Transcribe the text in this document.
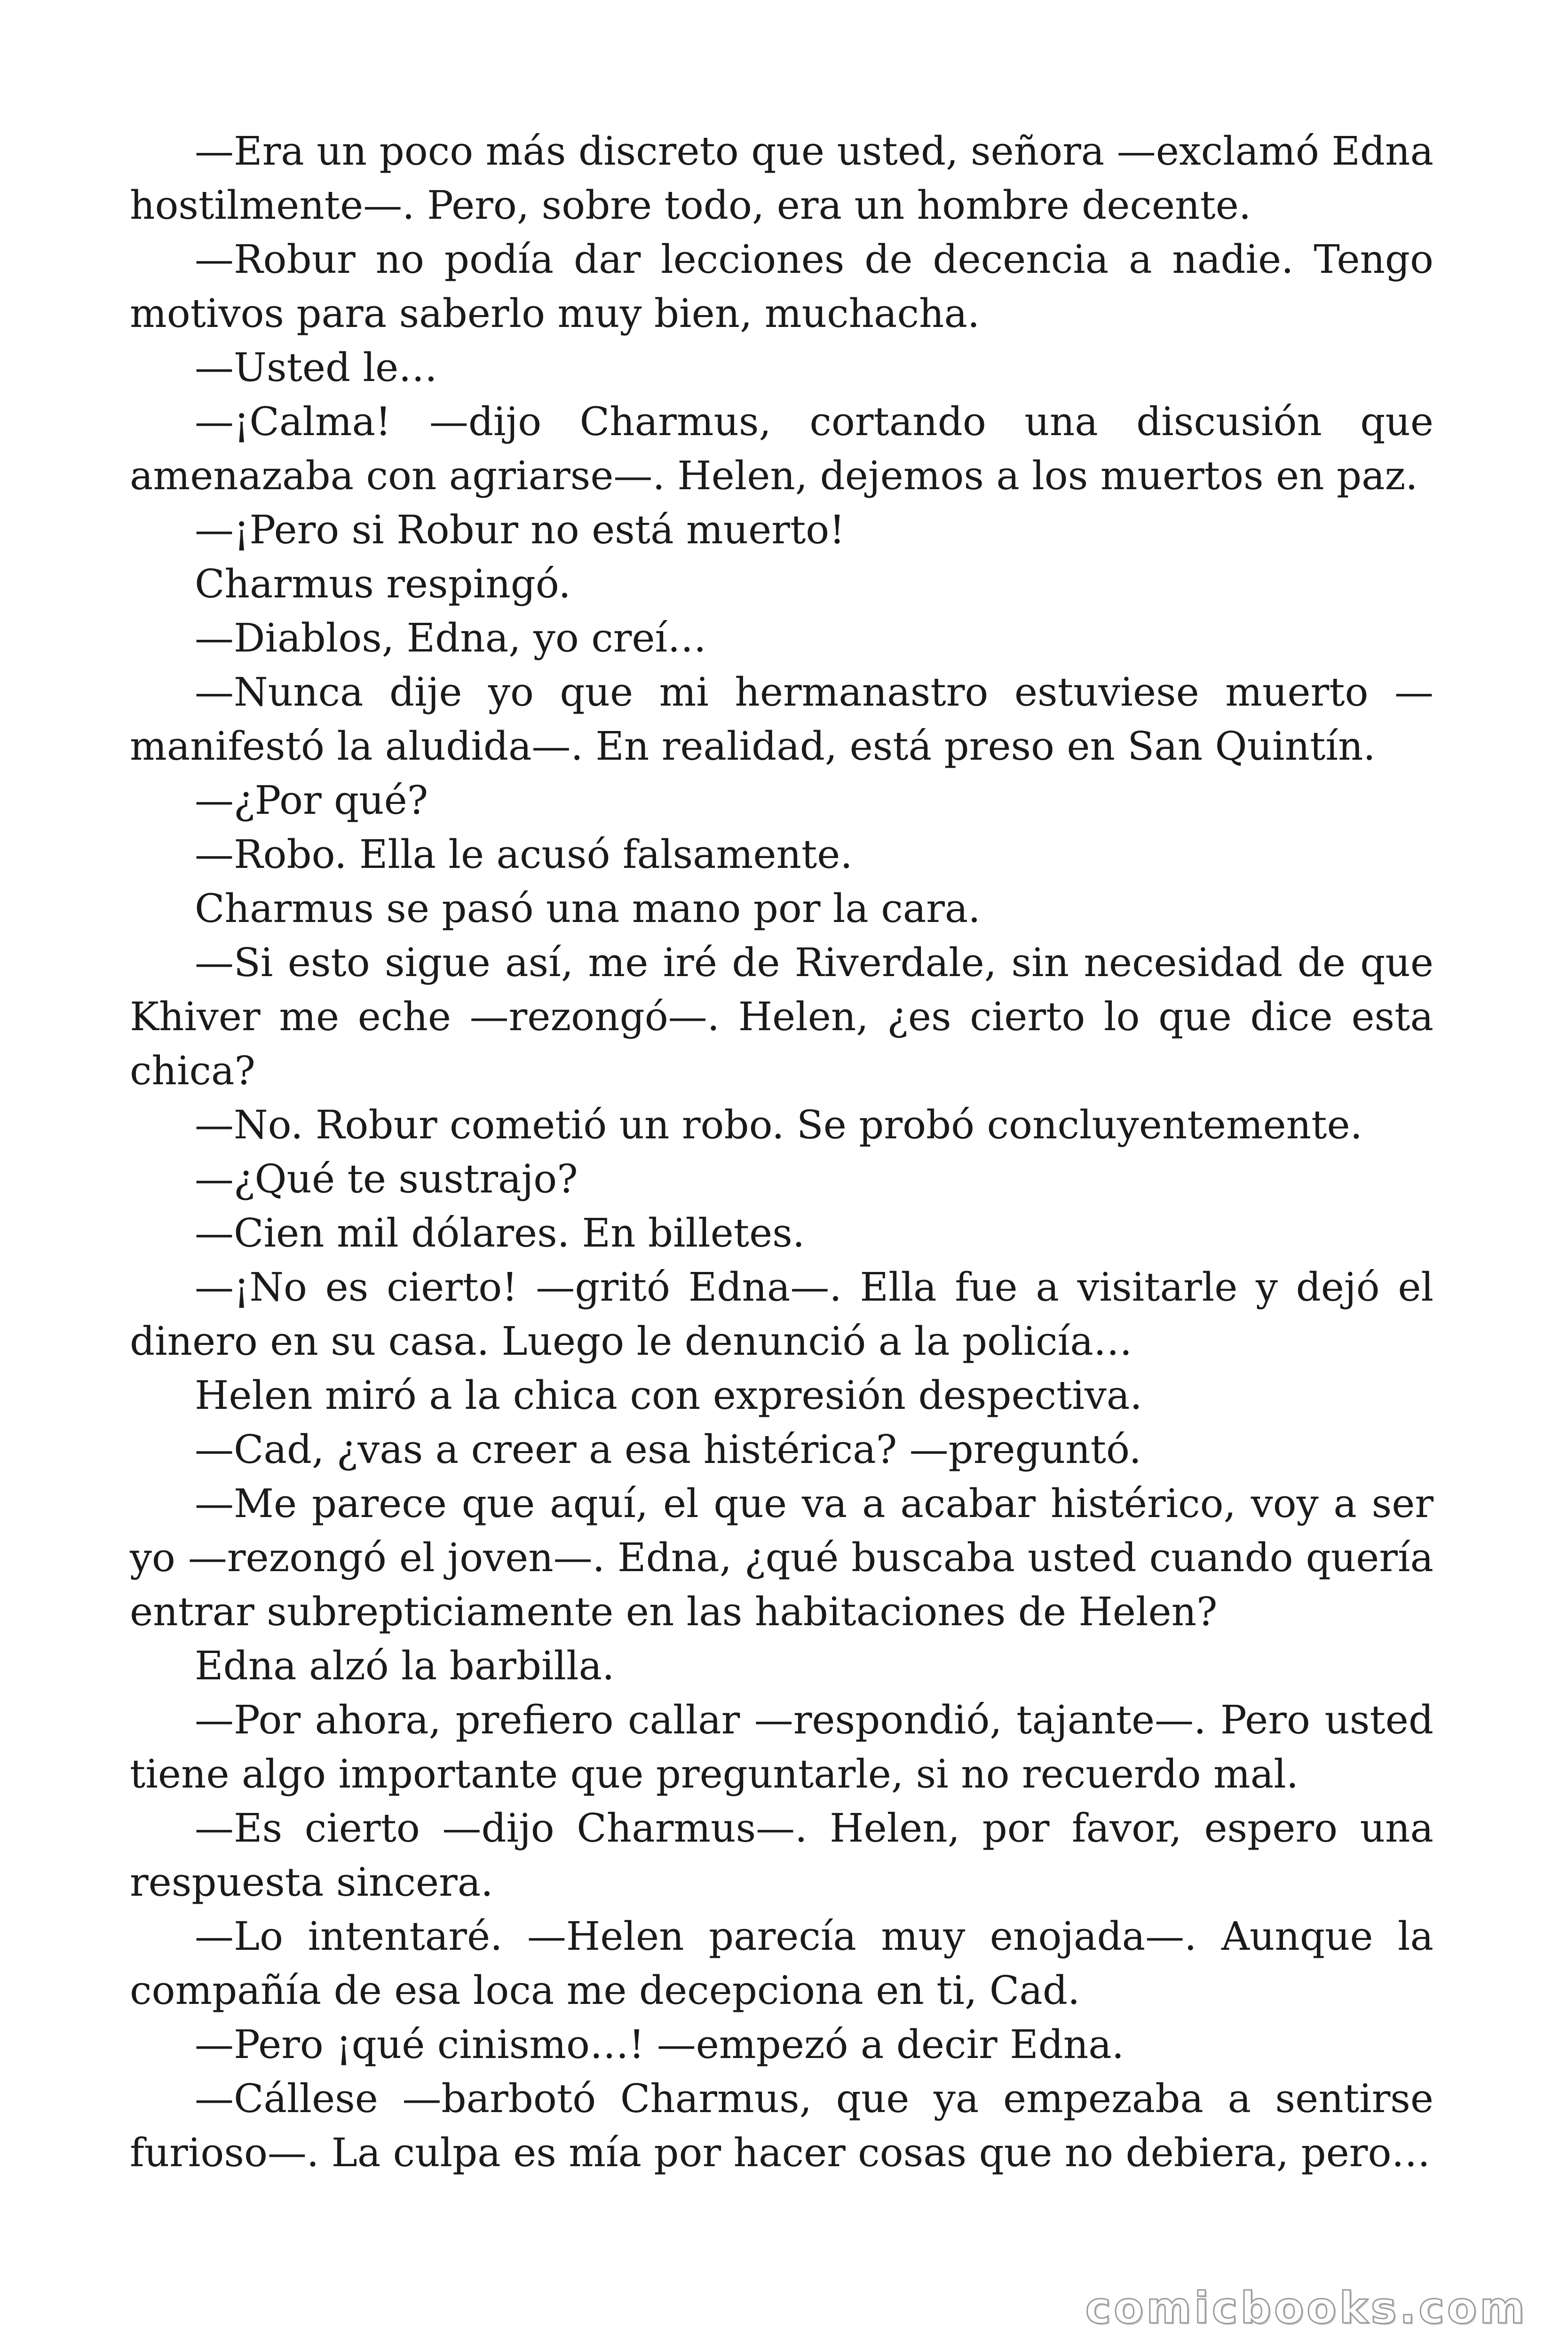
—Era un poco más discreto que usted, señora —exclamó Edna hostilmente—. Pero, sobre todo, era un hombre decente.

—Robur no podía dar lecciones de decencia a nadie. Tengo motivos para saberlo muy bien, muchacha.

—Usted le…

—¡Calma! —dijo Charmus, cortando una discusión que amenazaba con agriarse—. Helen, dejemos a los muertos en paz.

—¡Pero si Robur no está muerto!

Charmus respingó.

—Diablos, Edna, yo creí…

—Nunca dije yo que mi hermanastro estuviese muerto —manifestó la aludida—. En realidad, está preso en San Quintín.

—¿Por qué?

—Robo. Ella le acusó falsamente.

Charmus se pasó una mano por la cara.

—Si esto sigue así, me iré de Riverdale, sin necesidad de que Khiver me eche —rezongó—. Helen, ¿es cierto lo que dice esta chica?

—No. Robur cometió un robo. Se probó concluyentemente.

—¿Qué te sustrajo?

—Cien mil dólares. En billetes.

—¡No es cierto! —gritó Edna—. Ella fue a visitarle y dejó el dinero en su casa. Luego le denunció a la policía…

Helen miró a la chica con expresión despectiva.

—Cad, ¿vas a creer a esa histérica? —preguntó.

—Me parece que aquí, el que va a acabar histérico, voy a ser yo —rezongó el joven—. Edna, ¿qué buscaba usted cuando quería entrar subrepticiamente en las habitaciones de Helen?

Edna alzó la barbilla.

—Por ahora, prefiero callar —respondió, tajante—. Pero usted tiene algo importante que preguntarle, si no recuerdo mal.

—Es cierto —dijo Charmus—. Helen, por favor, espero una respuesta sincera.

—Lo intentaré. —Helen parecía muy enojada—. Aunque la compañía de esa loca me decepciona en ti, Cad.

—Pero ¡qué cinismo…! —empezó a decir Edna.

—Cállese —barbotó Charmus, que ya empezaba a sentirse furioso—. La culpa es mía por hacer cosas que no debiera, pero…

comicbooks.com
